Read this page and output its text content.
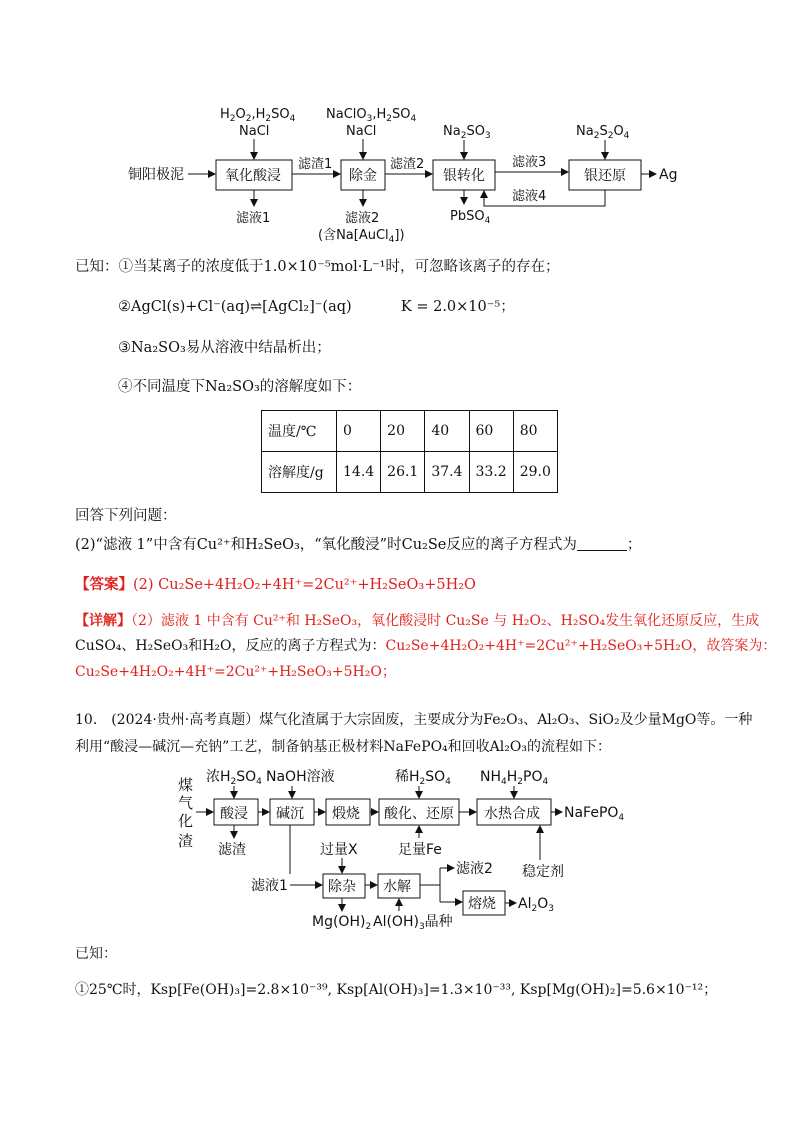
铜阳极泥	氧化酸浸
$H_2O_2,H_2SO_4$
NaCl
滤渣1
滤液1
除金
$NaClO_3,H_2SO_4$
NaCl
滤液2
(含Na[AuCl$_4$])
滤渣2
银转化
$Na_2SO_3$
PbSO$_4$
滤液3
滤液4
银还原
$Na_2S_2O_4$
Ag
已知：①当某离子的浓度低于1.0×10⁻⁵mol·L⁻¹时，可忽略该离子的存在；
②AgCl(s)+Cl⁻(aq)⇌[AgCl₂]⁻(aq)	K = 2.0×10⁻⁵；
③Na₂SO₃易从溶液中结晶析出；
④不同温度下Na₂SO₃的溶解度如下：
温度/℃	0	20	40	60	80
溶解度/g	14.4	26.1	37.4	33.2	29.0
回答下列问题：
(2)“滤液 1”中含有Cu²⁺和H₂SeO₃，“氧化酸浸”时Cu₂Se反应的离子方程式为	；
【答案】(2) Cu₂Se+4H₂O₂+4H⁺=2Cu²⁺+H₂SeO₃+5H₂O
【详解】（2）滤液 1 中含有 Cu²⁺和 H₂SeO₃，氧化酸浸时 Cu₂Se 与 H₂O₂、H₂SO₄发生氧化还原反应，生成
CuSO₄、H₂SeO₃和H₂O，反应的离子方程式为：Cu₂Se+4H₂O₂+4H⁺=2Cu²⁺+H₂SeO₃+5H₂O，故答案为：
Cu₂Se+4H₂O₂+4H⁺=2Cu²⁺+H₂SeO₃+5H₂O；
10.　(2024·贵州·高考真题）煤气化渣属于大宗固废，主要成分为Fe₂O₃、Al₂O₃、SiO₂及少量MgO等。一种
利用“酸浸—碱沉—充钠”工艺，制备钠基正极材料NaFePO₄和回收Al₂O₃的流程如下：
煤
气
化
渣
酸浸
浓$H_2SO_4$
滤渣
碱沉
NaOH溶液
滤液1
煅烧 酸化、还原
稀$H_2SO_4$
足量Fe
水热合成
$NH_4H_2PO_4$
NaFePO$_4$
稳定剂
过量X
除杂
$Mg(OH)_2$
水解
$Al(OH)_3$晶种
滤液2
熔烧 $Al_2O_3$
已知：
①25℃时，Ksp[Fe(OH)₃]=2.8×10⁻³⁹, Ksp[Al(OH)₃]=1.3×10⁻³³, Ksp[Mg(OH)₂]=5.6×10⁻¹²；
